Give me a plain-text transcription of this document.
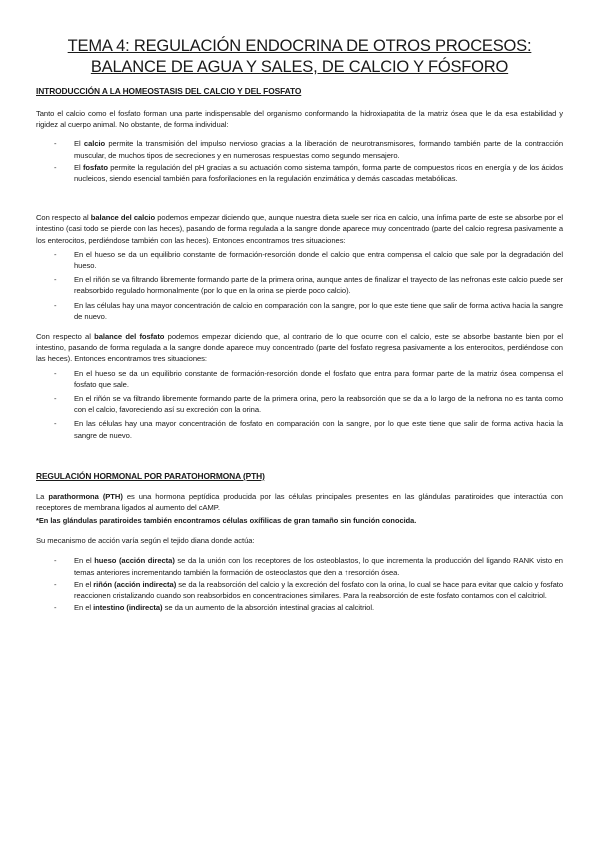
TEMA 4: REGULACIÓN ENDOCRINA DE OTROS PROCESOS:
BALANCE DE AGUA Y SALES, DE CALCIO Y FÓSFORO
INTRODUCCIÓN A LA HOMEOSTASIS DEL CALCIO Y DEL FOSFATO

Tanto el calcio como el fosfato forman una parte indispensable del organismo conformando la hidroxiapatita de la matriz ósea que le da esa estabilidad y rigidez al cuerpo animal. No obstante, de forma individual:

- El calcio permite la transmisión del impulso nervioso gracias a la liberación de neurotransmisores, formando también parte de la contracción muscular, de muchos tipos de secreciones y en numerosas respuestas como segundo mensajero.
- El fosfato permite la regulación del pH gracias a su actuación como sistema tampón, forma parte de compuestos ricos en energía y de los ácidos nucleicos, siendo esencial también para fosforilaciones en la regulación enzimática y demás cascadas metabólicas.

Con respecto al balance del calcio podemos empezar diciendo que, aunque nuestra dieta suele ser rica en calcio, una ínfima parte de este se absorbe por el intestino (casi todo se pierde con las heces), pasando de forma regulada a la sangre donde aparece muy concentrado (parte del calcio regresa pasivamente a los enterocitos, perdiéndose también con las heces). Entonces encontramos tres situaciones:

- En el hueso se da un equilibrio constante de formación-resorción donde el calcio que entra compensa el calcio que sale por la degradación del hueso.
- En el riñón se va filtrando libremente formando parte de la primera orina, aunque antes de finalizar el trayecto de las nefronas este calcio puede ser reabsorbido regulado hormonalmente (por lo que en la orina se pierde poco calcio).
- En las células hay una mayor concentración de calcio en comparación con la sangre, por lo que este tiene que salir de forma activa hacia la sangre de nuevo.

Con respecto al balance del fosfato podemos empezar diciendo que, al contrario de lo que ocurre con el calcio, este se absorbe bastante bien por el intestino, pasando de forma regulada a la sangre donde aparece muy concentrado (parte del fosfato regresa pasivamente a los enterocitos, perdiéndose con las heces). Entonces encontramos tres situaciones:

- En el hueso se da un equilibrio constante de formación-resorción donde el fosfato que entra para formar parte de la matriz ósea compensa el fosfato que sale.
- En el riñón se va filtrando libremente formando parte de la primera orina, pero la reabsorción que se da a lo largo de la nefrona no es tanta como con el calcio, favoreciendo así su excreción con la orina.
- En las células hay una mayor concentración de fosfato en comparación con la sangre, por lo que este tiene que salir de forma activa hacia la sangre de nuevo.
REGULACIÓN HORMONAL POR PARATOHORMONA (PTH)

La parathormona (PTH) es una hormona peptídica producida por las células principales presentes en las glándulas paratiroides que interactúa con receptores de membrana ligados al aumento del cAMP.

*En las glándulas paratiroides también encontramos células oxífilicas de gran tamaño sin función conocida.

Su mecanismo de acción varía según el tejido diana donde actúa:

- En el hueso (acción directa) se da la unión con los receptores de los osteoblastos, lo que incrementa la producción del ligando RANK visto en temas anteriores incrementando también la formación de osteoclastos que den a ↑resorción ósea.
- En el riñón (acción indirecta) se da la reabsorción del calcio y la excreción del fosfato con la orina, lo cual se hace para evitar que calcio y fosfato reaccionen cristalizando cuando son reabsorbidos en concentraciones similares. Para la reabsorción de este fosfato contamos con el calcitriol.
- En el intestino (indirecta) se da un aumento de la absorción intestinal gracias al calcitriol.
